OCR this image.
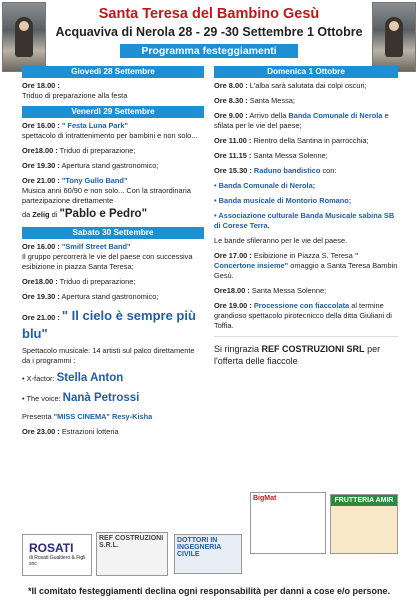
Santa Teresa del Bambino Gesù
Acquaviva di Nerola 28 - 29 -30 Settembre 1 Ottobre
Programma festeggiamenti
Giovedì 28 Settembre
Ore 18.00 :
Triduo di preparazione alla festa
Venerdì 29 Settembre
Ore 16.00 : " Festa Luna Park"
spettacolo di intrattenimento per bambini e non solo...
Ore18.00 : Triduo di preparazione;
Ore 19.30 : Apertura stand gastronomico;
Ore 21.00 : "Tony Gullo Band"
Musica anni 60/90 e non solo... Con la straordinaria partezipazione direttamente
da Zelig di "Pablo e Pedro"
Sabato 30 Settembre
Ore 16.00 : "Smilf Street Band"
Il gruppo percorrerà le vie del paese con successiva esibizione in piazza Santa Teresa;
Ore18.00 : Triduo di preparazione;
Ore 19.30 : Apertura stand gastronomico;
Ore 21.00 : " Il cielo è sempre più blu"
Spettacolo musicale: 14 artisti sul palco direttamente da i programmi :
• X-factor: Stella Anton
• The voice: Nanà Petrossi
Presenta "MISS CINEMA" Resy-Kisha
Ore 23.00 : Estrazioni lotteria
Domenica 1 Ottobre
Ore 8.00 : L'alba sarà salutata dai colpi oscuri;
Ore 8.30 : Santa Messa;
Ore 9.00 : Arrivo della Banda Comunale di Nerola e sfilata per le vie del paese;
Ore 11.00 : Rientro della Santina in parrocchia;
Ore 11.15 : Santa Messa Solenne;
Ore 15.30 : Raduno bandistico con:
• Banda Comunale di Nerola;
• Banda musicale di Montorio Romano;
• Associazione culturale Banda Musicale sabina SB di Corese Terra.
Le bande sfileranno per le vie del paese.
Ore 17.00 : Esibizione in Piazza S. Teresa " Concertone insieme" omaggio a Santa Teresa Bambin Gesù.
Ore18.00 : Santa Messa Solenne;
Ore 19.00 : Processione con fiaccolata al termine grandioso spettacolo pirotecnicco della ditta Giuliani di Toffia.
Si ringrazia REF COSTRUZIONI SRL per l'offerta delle fiaccole
ROSATI
di Rosati Gualtiero & Figli snc
REF COSTRUZIONI S.R.L.
DOTTORI IN INGEGNERIA CIVILE
BigMat	FRUTTERIA AMIR
*Il comitato festeggiamenti declina ogni responsabilità per danni a cose e/o persone.
